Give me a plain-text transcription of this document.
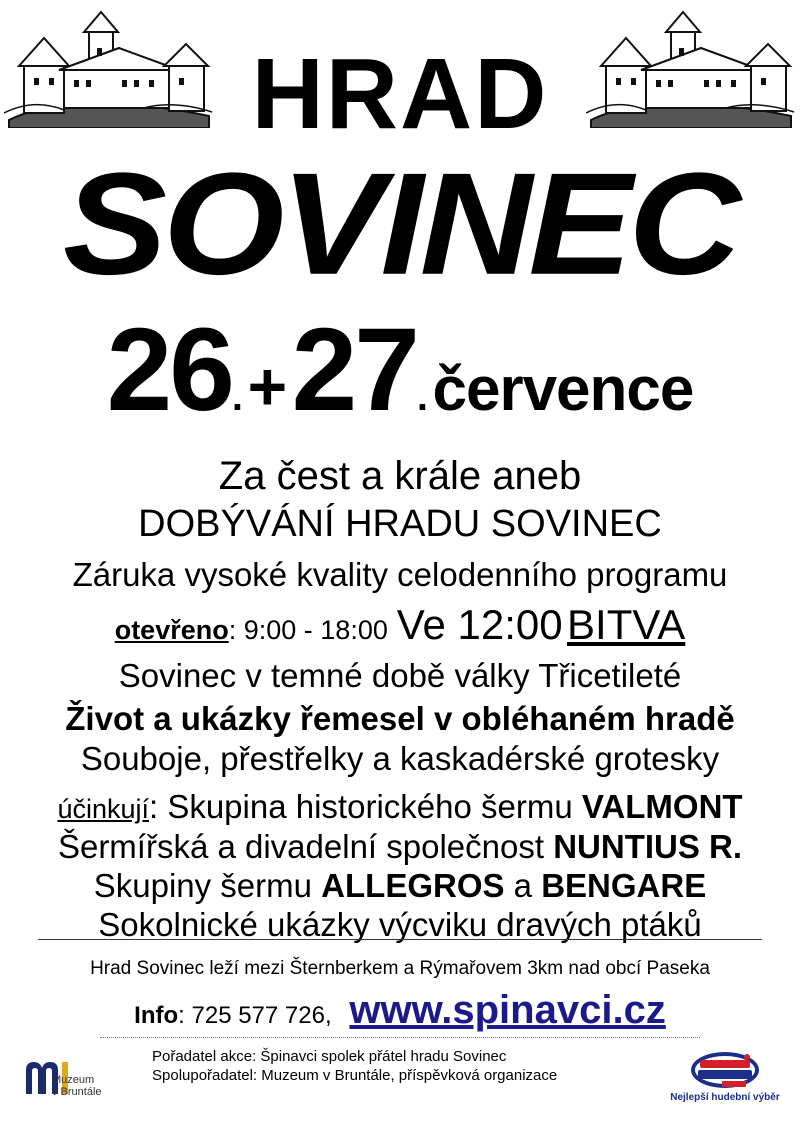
HRAD
SOVINEC
26. + 27. července
Za čest a krále aneb
DOBÝVÁNÍ HRADU SOVINEC
Záruka vysoké kvality celodenního programu
otevřeno: 9:00 - 18:00 Ve 12:00 BITVA
Sovinec v temné době války Třicetileté
Život a ukázky řemesel v obléhaném hradě
Souboje, přestřelky a kaskadérské grotesky
účinkují: Skupina historického šermu VALMONT
Šermířská a divadelní společnost NUNTIUS R.
Skupiny šermu ALLEGROS a BENGARE
Sokolnické ukázky výcviku dravých ptáků
Hrad Sovinec leží mezi Šternberkem a Rýmařovem 3km nad obcí Paseka
Info: 725 577 726, www.spinavci.cz
Muzeum
v Bruntále
Pořadatel akce: Špinavci spolek přátel hradu Sovinec
Spolupořadatel: Muzeum v Bruntále, příspěvková organizace
Nejlepší hudební výběr
